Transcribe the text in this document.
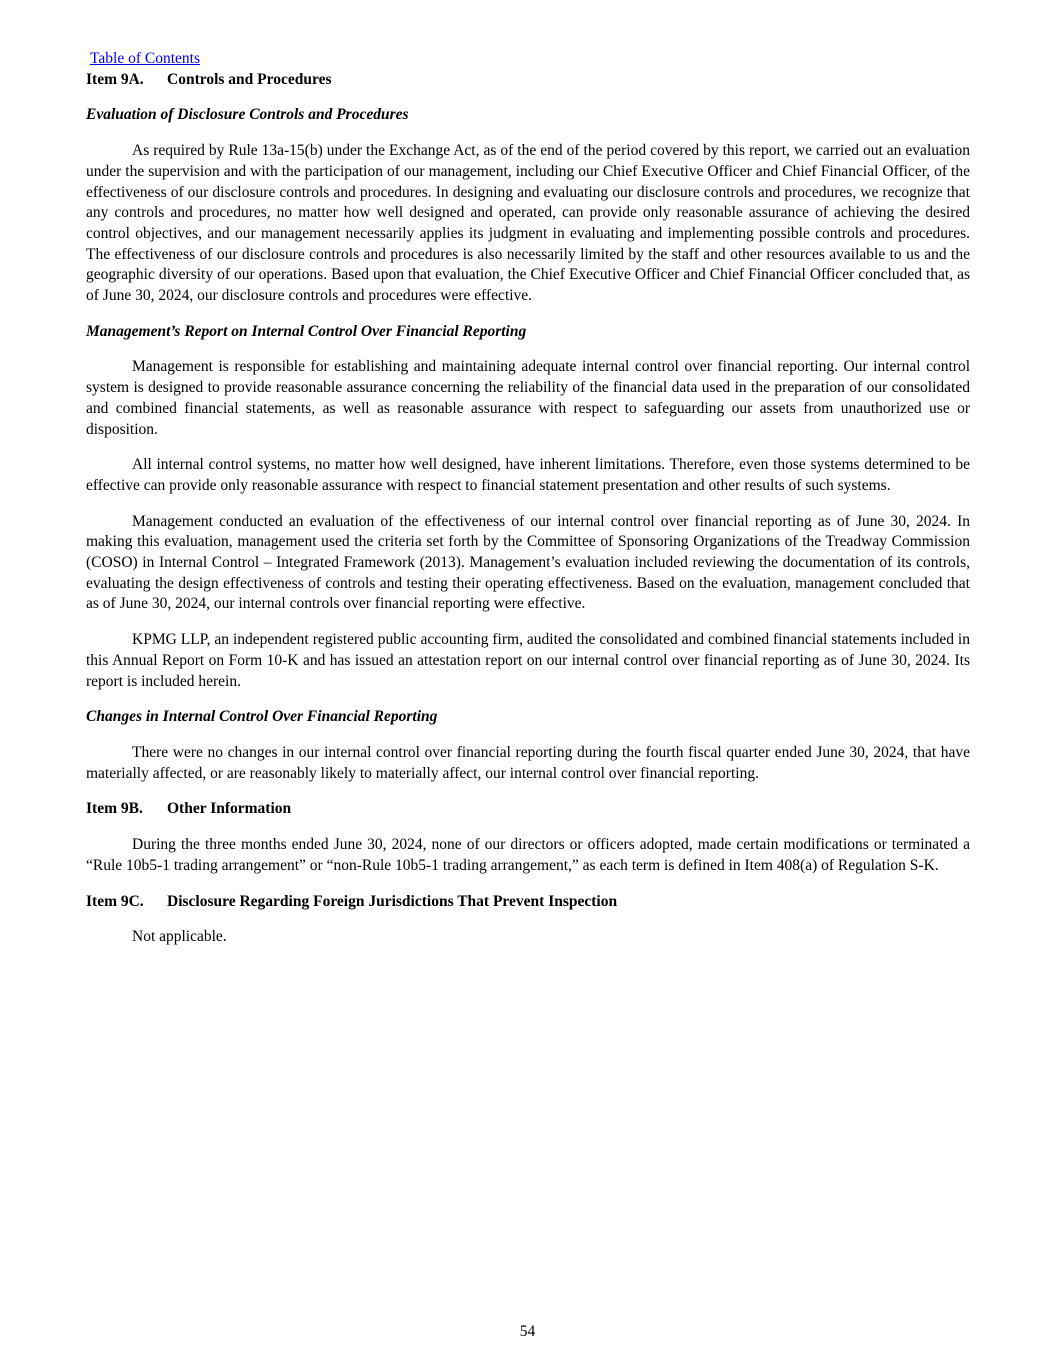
Table of Contents
Item 9A. Controls and Procedures
Evaluation of Disclosure Controls and Procedures

As required by Rule 13a-15(b) under the Exchange Act, as of the end of the period covered by this report, we carried out an evaluation under the supervision and with the participation of our management, including our Chief Executive Officer and Chief Financial Officer, of the effectiveness of our disclosure controls and procedures. In designing and evaluating our disclosure controls and procedures, we recognize that any controls and procedures, no matter how well designed and operated, can provide only reasonable assurance of achieving the desired control objectives, and our management necessarily applies its judgment in evaluating and implementing possible controls and procedures. The effectiveness of our disclosure controls and procedures is also necessarily limited by the staff and other resources available to us and the geographic diversity of our operations. Based upon that evaluation, the Chief Executive Officer and Chief Financial Officer concluded that, as of June 30, 2024, our disclosure controls and procedures were effective.

Management’s Report on Internal Control Over Financial Reporting

Management is responsible for establishing and maintaining adequate internal control over financial reporting. Our internal control system is designed to provide reasonable assurance concerning the reliability of the financial data used in the preparation of our consolidated and combined financial statements, as well as reasonable assurance with respect to safeguarding our assets from unauthorized use or disposition.

All internal control systems, no matter how well designed, have inherent limitations. Therefore, even those systems determined to be effective can provide only reasonable assurance with respect to financial statement presentation and other results of such systems.

Management conducted an evaluation of the effectiveness of our internal control over financial reporting as of June 30, 2024. In making this evaluation, management used the criteria set forth by the Committee of Sponsoring Organizations of the Treadway Commission (COSO) in Internal Control – Integrated Framework (2013). Management’s evaluation included reviewing the documentation of its controls, evaluating the design effectiveness of controls and testing their operating effectiveness. Based on the evaluation, management concluded that as of June 30, 2024, our internal controls over financial reporting were effective.

KPMG LLP, an independent registered public accounting firm, audited the consolidated and combined financial statements included in this Annual Report on Form 10-K and has issued an attestation report on our internal control over financial reporting as of June 30, 2024. Its report is included herein.

Changes in Internal Control Over Financial Reporting

There were no changes in our internal control over financial reporting during the fourth fiscal quarter ended June 30, 2024, that have materially affected, or are reasonably likely to materially affect, our internal control over financial reporting.

Item 9B. Other Information

During the three months ended June 30, 2024, none of our directors or officers adopted, made certain modifications or terminated a “Rule 10b5-1 trading arrangement” or “non-Rule 10b5-1 trading arrangement,” as each term is defined in Item 408(a) of Regulation S-K.

Item 9C. Disclosure Regarding Foreign Jurisdictions That Prevent Inspection

Not applicable.

54
